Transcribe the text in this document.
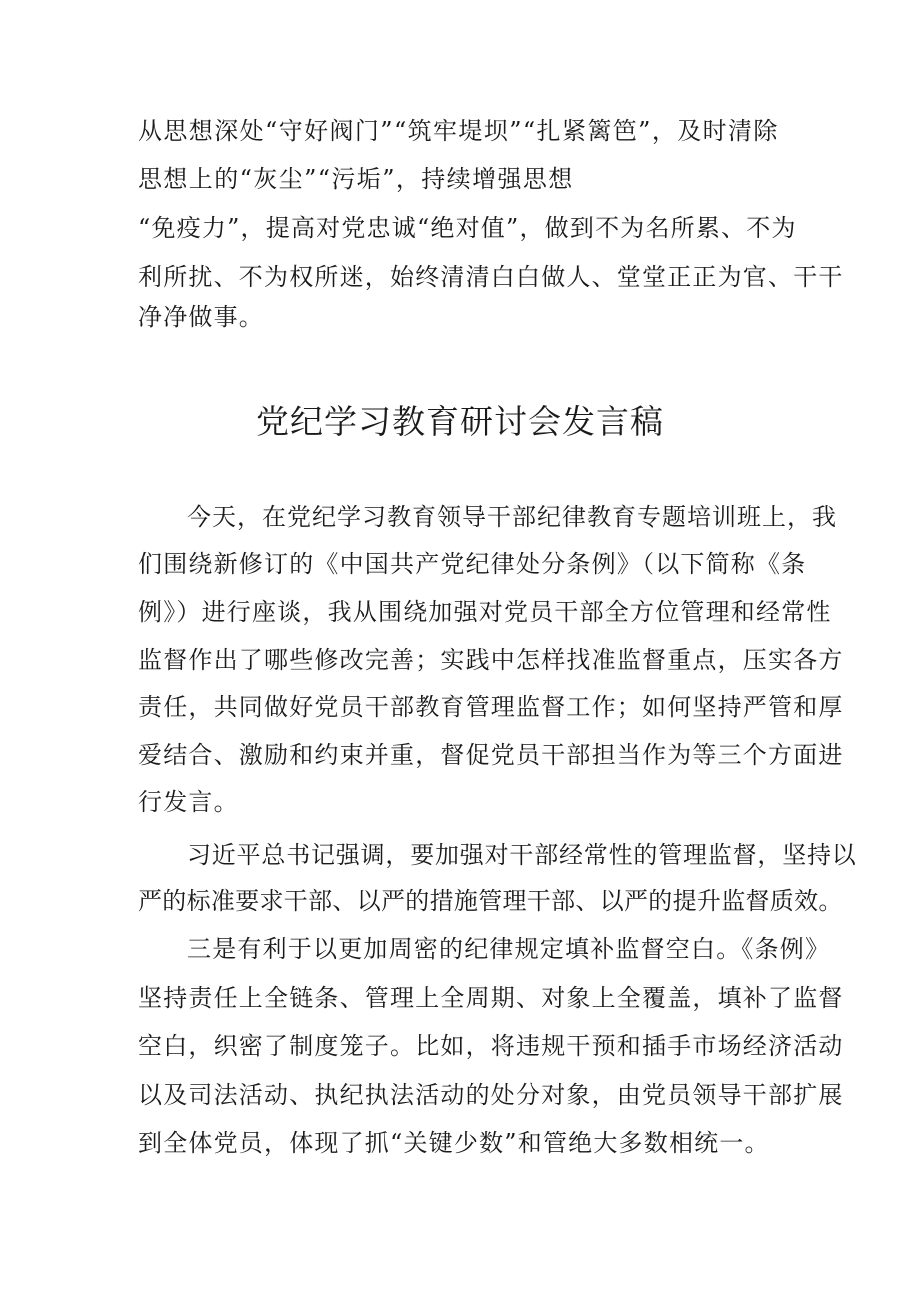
从思想深处“守好阀门”“筑牢堤坝”“扎紧篱笆”，及时清除
思想上的“灰尘”“污垢”，持续增强思想
“免疫力”，提高对党忠诚“绝对值”，做到不为名所累、不为
利所扰、不为权所迷，始终清清白白做人、堂堂正正为官、干干
净净做事。
党纪学习教育研讨会发言稿
今天，在党纪学习教育领导干部纪律教育专题培训班上，我
们围绕新修订的《中国共产党纪律处分条例》（以下简称《条
例》）进行座谈，我从围绕加强对党员干部全方位管理和经常性
监督作出了哪些修改完善；实践中怎样找准监督重点，压实各方
责任，共同做好党员干部教育管理监督工作；如何坚持严管和厚
爱结合、激励和约束并重，督促党员干部担当作为等三个方面进
行发言。
习近平总书记强调，要加强对干部经常性的管理监督，坚持以
严的标准要求干部、以严的措施管理干部、以严的提升监督质效。
三是有利于以更加周密的纪律规定填补监督空白。《条例》
坚持责任上全链条、管理上全周期、对象上全覆盖，填补了监督
空白，织密了制度笼子。比如，将违规干预和插手市场经济活动
以及司法活动、执纪执法活动的处分对象，由党员领导干部扩展
到全体党员，体现了抓“关键少数”和管绝大多数相统一。
